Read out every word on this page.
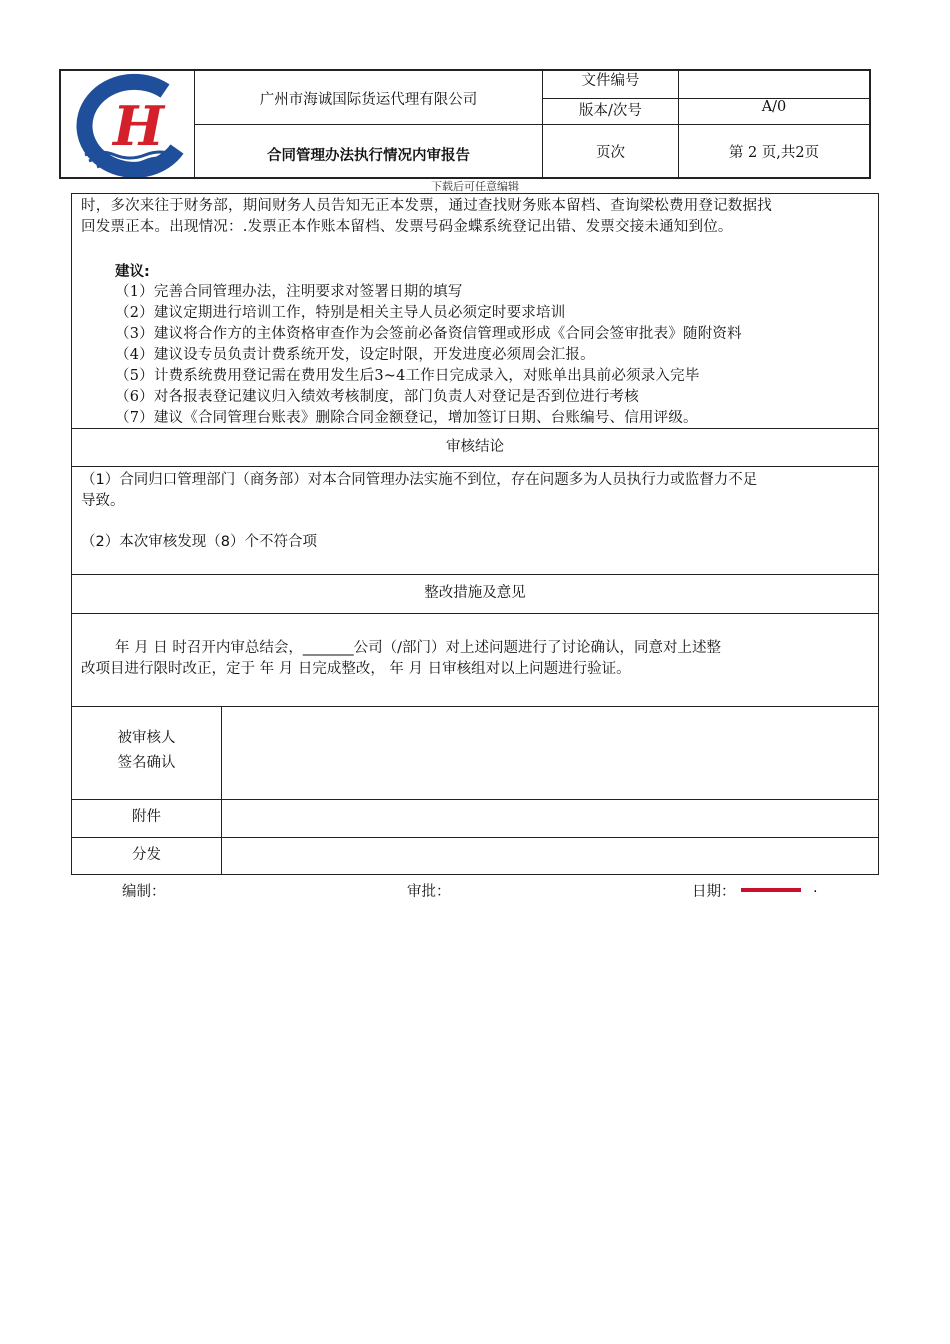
H	广州市海诚国际货运代理有限公司
合同管理办法执行情况内审报告
文件编号
版本/次号	A/0
页次	第 2 页,共2页
下载后可任意编辑
时，多次来往于财务部，期间财务人员告知无正本发票，通过查找财务账本留档、查询梁松费用登记数据找
回发票正本。出现情况：.发票正本作账本留档、发票号码金蝶系统登记出错、发票交接未通知到位。
建议:
（1）完善合同管理办法，注明要求对签署日期的填写
（2）建议定期进行培训工作，特别是相关主导人员必须定时要求培训
（3）建议将合作方的主体资格审查作为会签前必备资信管理或形成《合同会签审批表》随附资料
（4）建议设专员负责计费系统开发，设定时限，开发进度必须周会汇报。
（5）计费系统费用登记需在费用发生后3~4工作日完成录入，对账单出具前必须录入完毕
（6）对各报表登记建议归入绩效考核制度，部门负责人对登记是否到位进行考核
（7）建议《合同管理台账表》删除合同金额登记，增加签订日期、台账编号、信用评级。
审核结论
（1）合同归口管理部门（商务部）对本合同管理办法实施不到位，存在问题多为人员执行力或监督力不足
导致。
（2）本次审核发现（8）个不符合项
整改措施及意见
年 月 日 时召开内审总结会，_______公司（/部门）对上述问题进行了讨论确认，同意对上述整
改项目进行限时改正，定于 年 月 日完成整改， 年 月 日审核组对以上问题进行验证。
被审核人
签名确认
附件
分发
编制：	审批：	日期：	.
